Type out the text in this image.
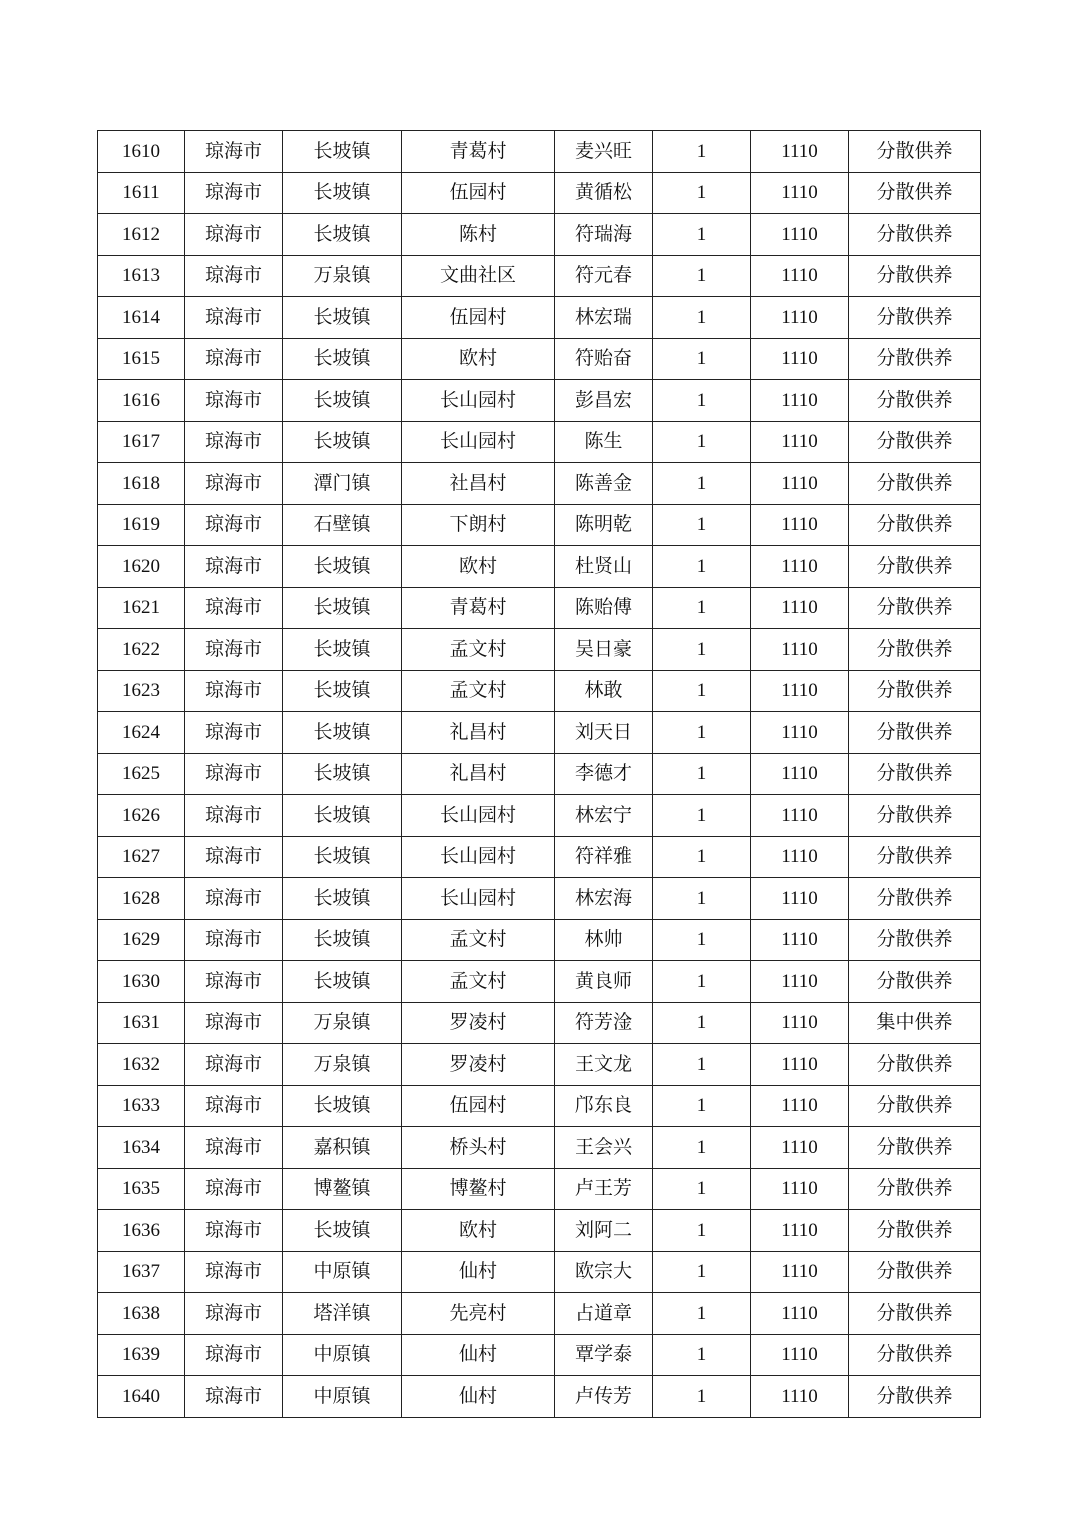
1610	琼海市	长坡镇	青葛村	麦兴旺	1	1110	分散供养
1611	琼海市	长坡镇	伍园村	黄循松	1	1110	分散供养
1612	琼海市	长坡镇	陈村	符瑞海	1	1110	分散供养
1613	琼海市	万泉镇	文曲社区	符元春	1	1110	分散供养
1614	琼海市	长坡镇	伍园村	林宏瑞	1	1110	分散供养
1615	琼海市	长坡镇	欧村	符贻奋	1	1110	分散供养
1616	琼海市	长坡镇	长山园村	彭昌宏	1	1110	分散供养
1617	琼海市	长坡镇	长山园村	陈生	1	1110	分散供养
1618	琼海市	潭门镇	社昌村	陈善金	1	1110	分散供养
1619	琼海市	石壁镇	下朗村	陈明乾	1	1110	分散供养
1620	琼海市	长坡镇	欧村	杜贤山	1	1110	分散供养
1621	琼海市	长坡镇	青葛村	陈贻傅	1	1110	分散供养
1622	琼海市	长坡镇	孟文村	吴日豪	1	1110	分散供养
1623	琼海市	长坡镇	孟文村	林敢	1	1110	分散供养
1624	琼海市	长坡镇	礼昌村	刘天日	1	1110	分散供养
1625	琼海市	长坡镇	礼昌村	李德才	1	1110	分散供养
1626	琼海市	长坡镇	长山园村	林宏宁	1	1110	分散供养
1627	琼海市	长坡镇	长山园村	符祥雅	1	1110	分散供养
1628	琼海市	长坡镇	长山园村	林宏海	1	1110	分散供养
1629	琼海市	长坡镇	孟文村	林帅	1	1110	分散供养
1630	琼海市	长坡镇	孟文村	黄良师	1	1110	分散供养
1631	琼海市	万泉镇	罗凌村	符芳淦	1	1110	集中供养
1632	琼海市	万泉镇	罗凌村	王文龙	1	1110	分散供养
1633	琼海市	长坡镇	伍园村	邝东良	1	1110	分散供养
1634	琼海市	嘉积镇	桥头村	王会兴	1	1110	分散供养
1635	琼海市	博鳌镇	博鳌村	卢王芳	1	1110	分散供养
1636	琼海市	长坡镇	欧村	刘阿二	1	1110	分散供养
1637	琼海市	中原镇	仙村	欧宗大	1	1110	分散供养
1638	琼海市	塔洋镇	先亮村	占道章	1	1110	分散供养
1639	琼海市	中原镇	仙村	覃学泰	1	1110	分散供养
1640	琼海市	中原镇	仙村	卢传芳	1	1110	分散供养
